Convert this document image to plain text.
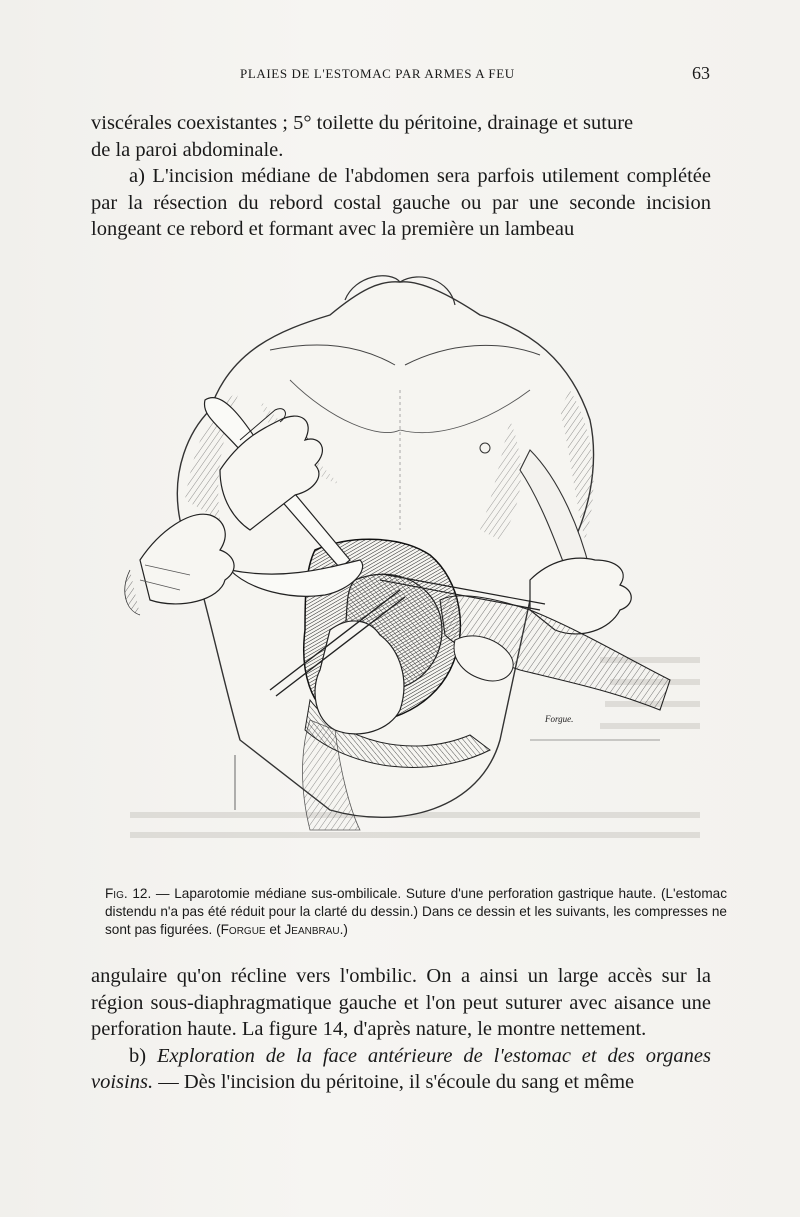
PLAIES DE L'ESTOMAC PAR ARMES A FEU	63

viscérales coexistantes ; 5° toilette du péritoine, drainage et suture
de la paroi abdominale.

a) L'incision médiane de l'abdomen sera parfois utilement complétée par la résection du rebord costal gauche ou par une seconde incision longeant ce rebord et formant avec la première un lambeau

Forgue.
Fig. 12. — Laparotomie médiane sus-ombilicale. Suture d'une perforation gastrique haute. (L'estomac distendu n'a pas été réduit pour la clarté du dessin.) Dans ce dessin et les suivants, les compresses ne sont pas figurées. (Forgue et Jeanbrau.)

angulaire qu'on récline vers l'ombilic. On a ainsi un large accès sur la région sous-diaphragmatique gauche et l'on peut suturer avec aisance une perforation haute. La figure 14, d'après nature, le montre nettement.

b) Exploration de la face antérieure de l'estomac et des organes voisins. — Dès l'incision du péritoine, il s'écoule du sang et même
